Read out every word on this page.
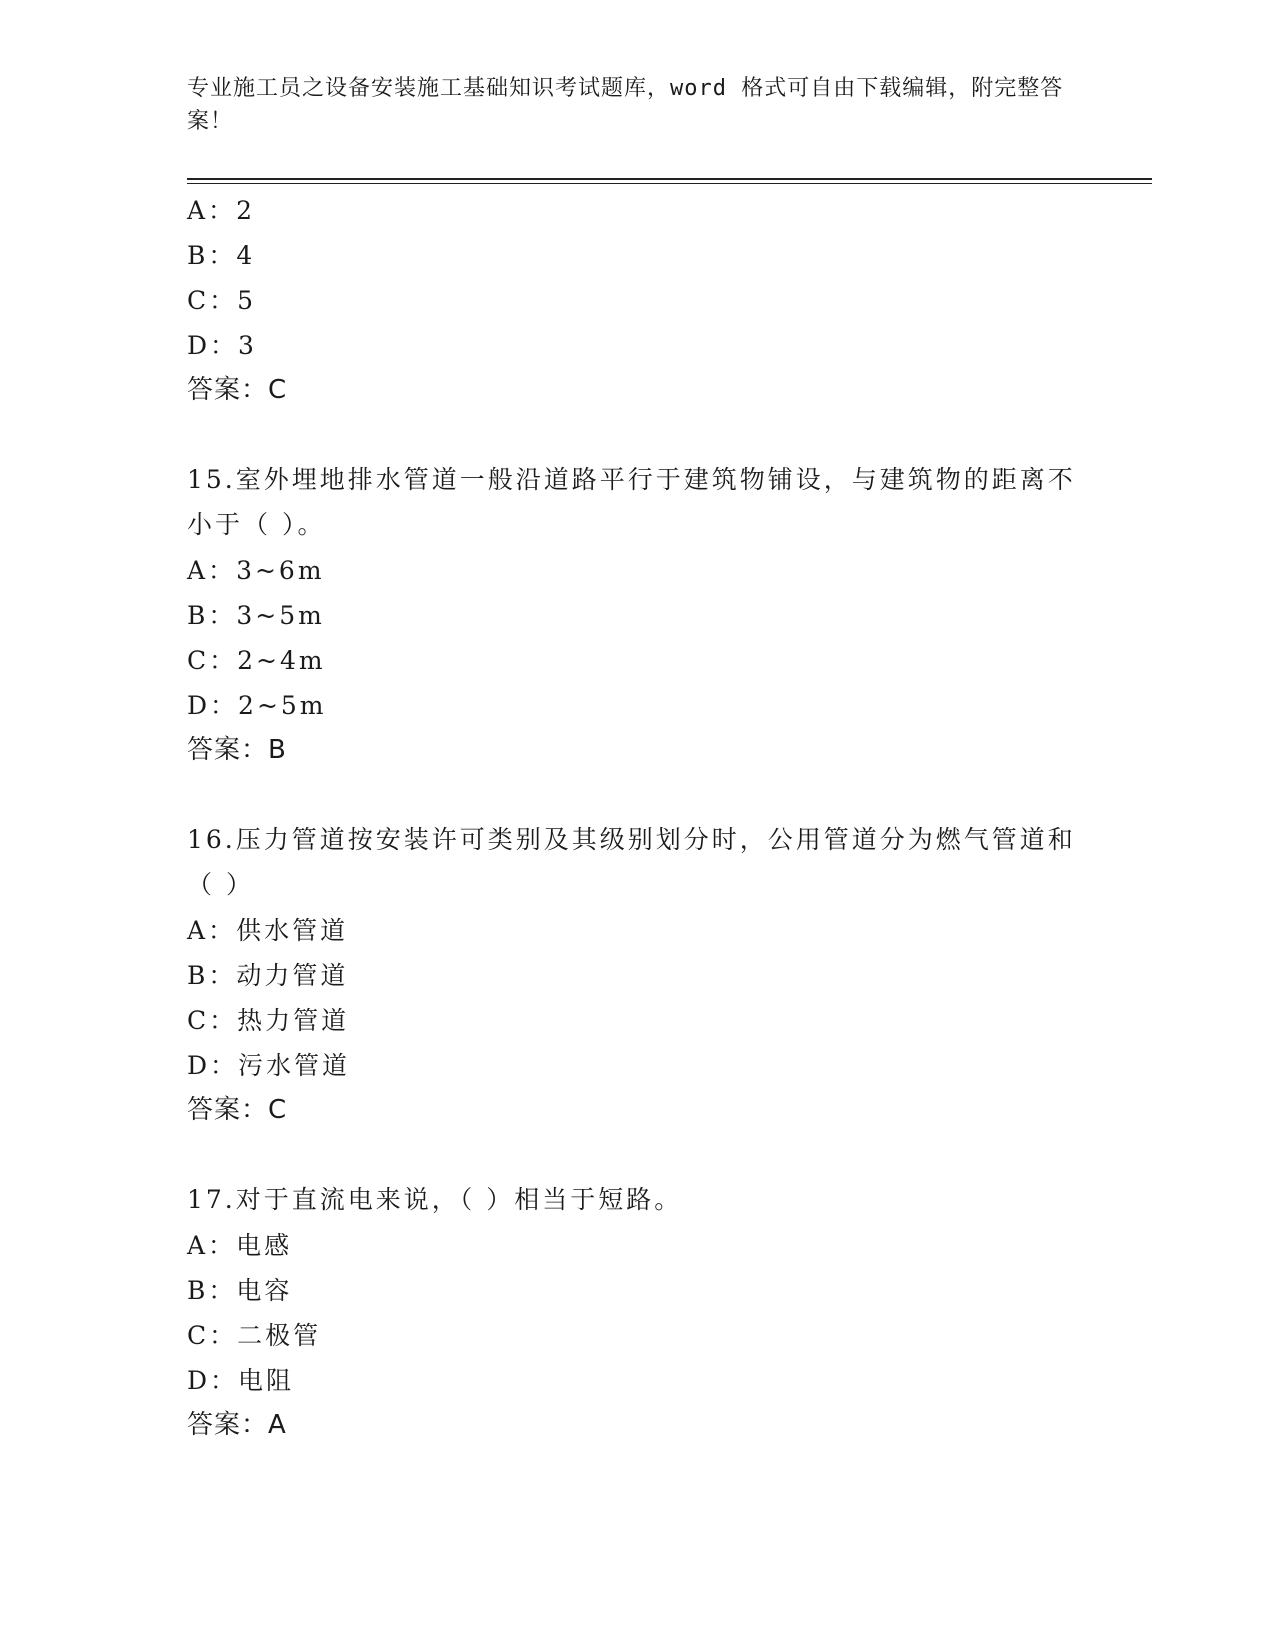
专业施工员之设备安装施工基础知识考试题库，word 格式可自由下载编辑，附完整答案！
A：2
B：4
C：5
D：3
答案：C
15.室外埋地排水管道一般沿道路平行于建筑物铺设，与建筑物的距离不小于（ ）。
A：3~6m
B：3~5m
C：2~4m
D：2~5m
答案：B
16.压力管道按安装许可类别及其级别划分时，公用管道分为燃气管道和（ ）
A：供水管道
B：动力管道
C：热力管道
D：污水管道
答案：C
17.对于直流电来说，（ ）相当于短路。
A：电感
B：电容
C：二极管
D：电阻
答案：A
